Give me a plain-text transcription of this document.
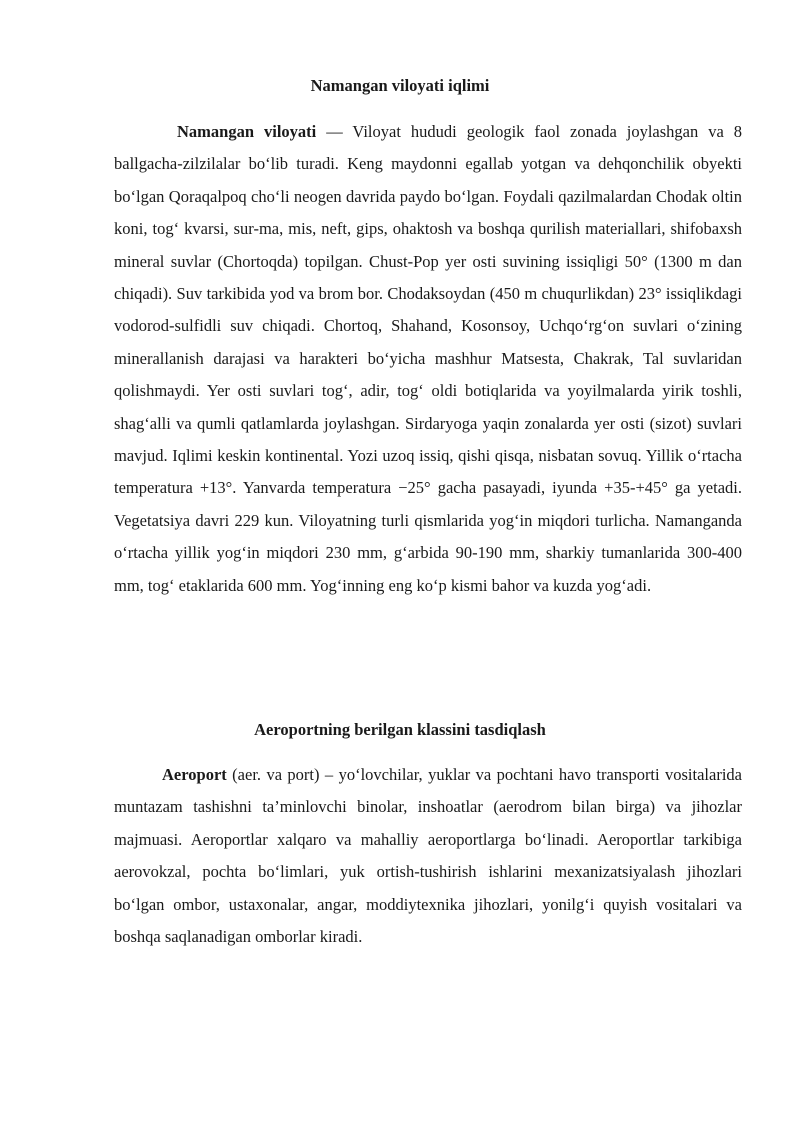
Namangan viloyati iqlimi

Namangan viloyati — Viloyat hududi geologik faol zonada joylashgan va 8 ballgacha-zilzilalar bo‘lib turadi. Keng maydonni egallab yotgan va dehqonchilik obyekti bo‘lgan Qoraqalpoq cho‘li neogen davrida paydo bo‘lgan. Foydali qazilmalardan Chodak oltin koni, tog‘ kvarsi, sur-ma, mis, neft, gips, ohaktosh va boshqa qurilish materiallari, shifobaxsh mineral suvlar (Chortoqda) topilgan. Chust-Pop yer osti suvining issiqligi 50° (1300 m dan chiqadi). Suv tarkibida yod va brom bor. Chodaksoydan (450 m chuqurlikdan) 23° issiqlikdagi vodorod-sulfidli suv chiqadi. Chortoq, Shahand, Kosonsoy, Uchqo‘rg‘on suvlari o‘zining minerallanish darajasi va harakteri bo‘yicha mashhur Matsesta, Chakrak, Tal suvlaridan qolishmaydi. Yer osti suvlari tog‘, adir, tog‘ oldi botiqlarida va yoyilmalarda yirik toshli, shag‘alli va qumli qatlamlarda joylashgan. Sirdaryoga yaqin zonalarda yer osti (sizot) suvlari mavjud. Iqlimi keskin kontinental. Yozi uzoq issiq, qishi qisqa, nisbatan sovuq. Yillik o‘rtacha temperatura +13°. Yanvarda temperatura −25° gacha pasayadi, iyunda +35-+45° ga yetadi. Vegetatsiya davri 229 kun. Viloyatning turli qismlarida yog‘in miqdori turlicha. Namanganda o‘rtacha yillik yog‘in miqdori 230 mm, g‘arbida 90-190 mm, sharkiy tumanlarida 300-400 mm, tog‘ etaklarida 600 mm. Yog‘inning eng ko‘p kismi bahor va kuzda yog‘adi.

Aeroportning berilgan klassini tasdiqlash

Aeroport (aer. va port) – yo‘lovchilar, yuklar va pochtani havo transporti vositalarida muntazam tashishni ta’minlovchi binolar, inshoatlar (aerodrom bilan birga) va jihozlar majmuasi. Aeroportlar xalqaro va mahalliy aeroportlarga bo‘linadi. Aeroportlar tarkibiga aerovokzal, pochta bo‘limlari, yuk ortish-tushirish ishlarini mexanizatsiyalash jihozlari bo‘lgan ombor, ustaxonalar, angar, moddiytexnika jihozlari, yonilg‘i quyish vositalari va boshqa saqlanadigan omborlar kiradi.
